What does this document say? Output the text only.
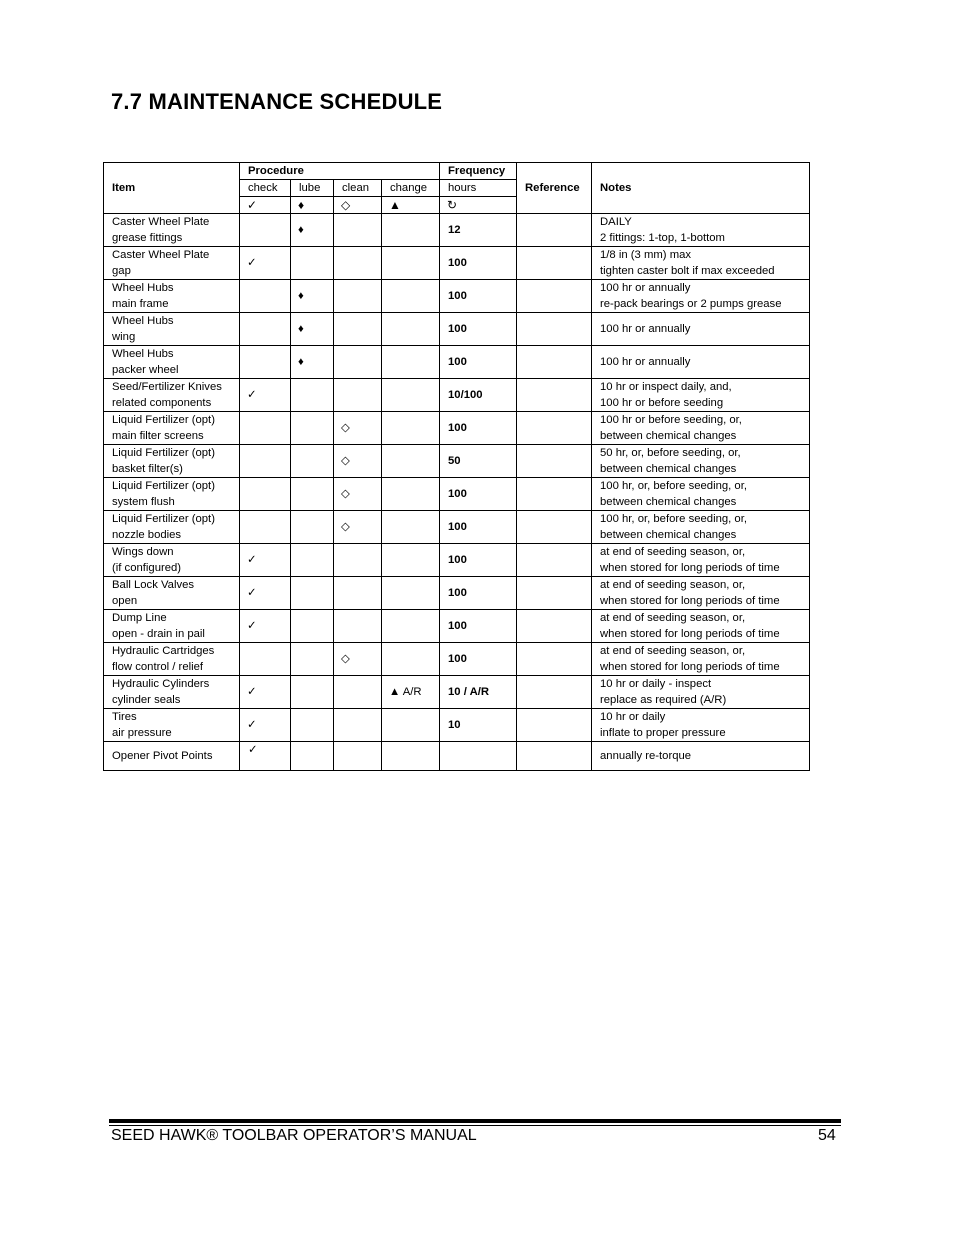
7.7 MAINTENANCE SCHEDULE
Item	Procedure				Frequency	Reference	Notes
	check	lube	clean	change	hours		
	✓	♦	◇	▲	↻		

Caster Wheel Plate
grease fittings		♦			12		DAILY
2 fittings: 1-top, 1-bottom

Caster Wheel Plate
gap	✓				100		1/8 in (3 mm) max
tighten caster bolt if max exceeded

Wheel Hubs
main frame		♦			100		100 hr or annually
re-pack bearings or 2 pumps grease

Wheel Hubs
wing		♦			100		100 hr or annually

Wheel Hubs
packer wheel		♦			100		100 hr or annually

Seed/Fertilizer Knives
related components	✓				10/100		10 hr or inspect daily, and,
100 hr or before seeding

Liquid Fertilizer (opt)
main filter screens			◇		100		100 hr or before seeding, or,
between chemical changes

Liquid Fertilizer (opt)
basket filter(s)			◇		50		50 hr, or, before seeding, or,
between chemical changes

Liquid Fertilizer (opt)
system flush			◇		100		100 hr, or, before seeding, or,
between chemical changes

Liquid Fertilizer (opt)
nozzle bodies			◇		100		100 hr, or, before seeding, or,
between chemical changes

Wings down
(if configured)	✓				100		at end of seeding season, or,
when stored for long periods of time

Ball Lock Valves
open	✓				100		at end of seeding season, or,
when stored for long periods of time

Dump Line
open - drain in pail	✓				100		at end of seeding season, or,
when stored for long periods of time

Hydraulic Cartridges
flow control / relief			◇		100		at end of seeding season, or,
when stored for long periods of time

Hydraulic Cylinders
cylinder seals	✓			▲ A/R	10 / A/R		10 hr or daily - inspect
replace as required (A/R)

Tires
air pressure	✓				10		10 hr or daily
inflate to proper pressure

Opener Pivot Points	✓						annually re-torque
SEED HAWK® TOOLBAR OPERATOR’S MANUAL	54
